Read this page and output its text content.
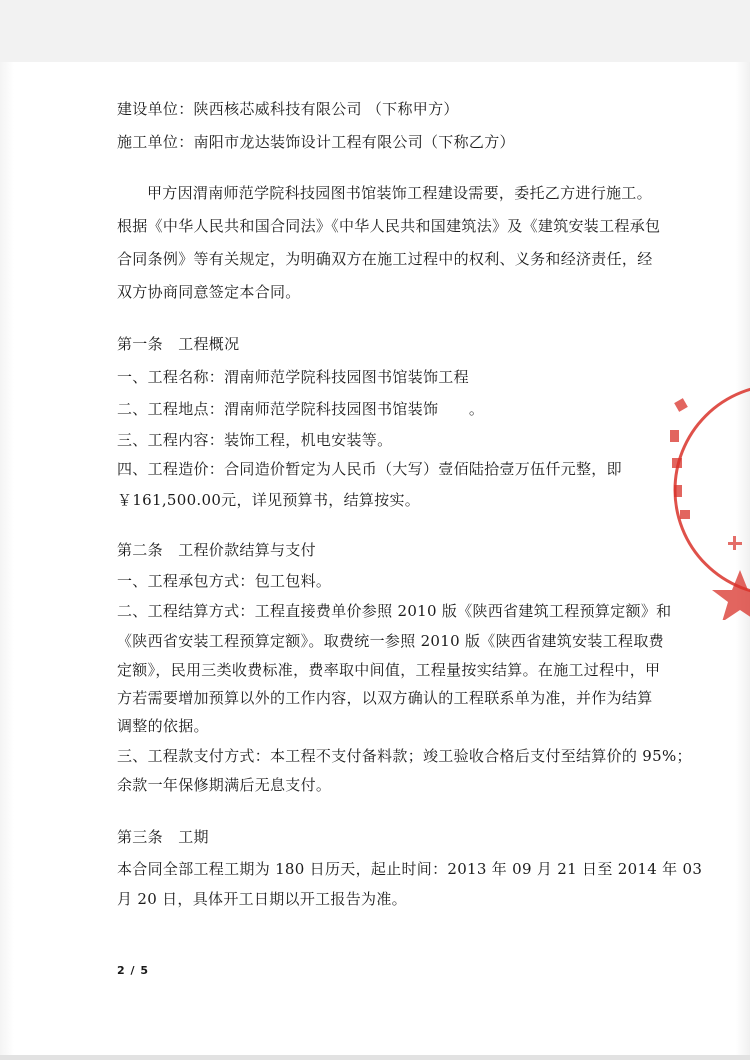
建设单位：陕西核芯威科技有限公司 （下称甲方）
施工单位：南阳市龙达装饰设计工程有限公司（下称乙方）
甲方因渭南师范学院科技园图书馆装饰工程建设需要，委托乙方进行施工。
根据《中华人民共和国合同法》《中华人民共和国建筑法》及《建筑安装工程承包
合同条例》等有关规定，为明确双方在施工过程中的权利、义务和经济责任，经
双方协商同意签定本合同。
第一条　工程概况
一、工程名称：渭南师范学院科技园图书馆装饰工程
二、工程地点：渭南师范学院科技园图书馆装饰　　。
三、工程内容：装饰工程，机电安装等。
四、工程造价：合同造价暂定为人民币（大写）壹佰陆拾壹万伍仟元整，即
￥161,500.00元，详见预算书，结算按实。
第二条　工程价款结算与支付
一、工程承包方式：包工包料。
二、工程结算方式：工程直接费单价参照 2010 版《陕西省建筑工程预算定额》和
《陕西省安装工程预算定额》。取费统一参照 2010 版《陕西省建筑安装工程取费
定额》，民用三类收费标准，费率取中间值，工程量按实结算。在施工过程中，甲
方若需要增加预算以外的工作内容，以双方确认的工程联系单为准，并作为结算
调整的依据。
三、工程款支付方式：本工程不支付备料款；竣工验收合格后支付至结算价的 95%；
余款一年保修期满后无息支付。
第三条　工期
本合同全部工程工期为 180 日历天，起止时间：2013 年 09 月 21 日至 2014 年 03
月 20 日，具体开工日期以开工报告为准。
2 / 5
